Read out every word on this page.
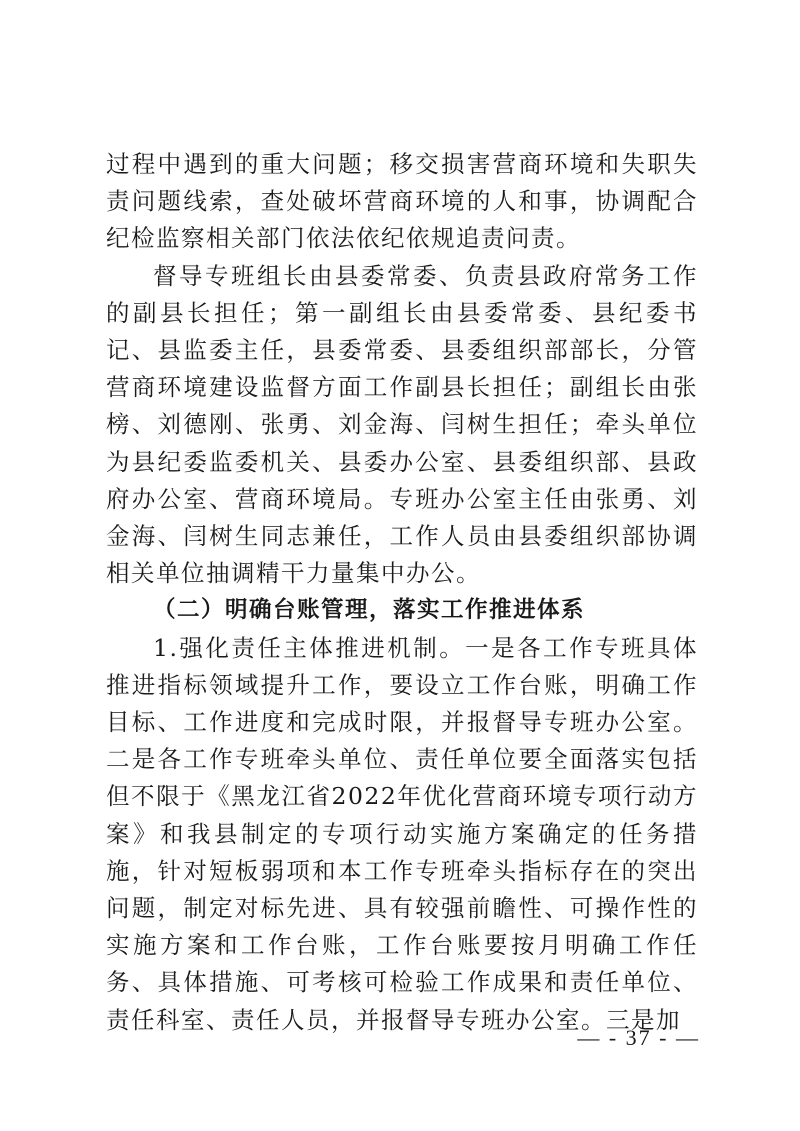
过程中遇到的重大问题；移交损害营商环境和失职失责问题线索，查处破坏营商环境的人和事，协调配合纪检监察相关部门依法依纪依规追责问责。

督导专班组长由县委常委、负责县政府常务工作的副县长担任；第一副组长由县委常委、县纪委书记、县监委主任，县委常委、县委组织部部长，分管营商环境建设监督方面工作副县长担任；副组长由张榜、刘德刚、张勇、刘金海、闫树生担任；牵头单位为县纪委监委机关、县委办公室、县委组织部、县政府办公室、营商环境局。专班办公室主任由张勇、刘金海、闫树生同志兼任，工作人员由县委组织部协调相关单位抽调精干力量集中办公。

（二）明确台账管理，落实工作推进体系

1.强化责任主体推进机制。一是各工作专班具体推进指标领域提升工作，要设立工作台账，明确工作目标、工作进度和完成时限，并报督导专班办公室。二是各工作专班牵头单位、责任单位要全面落实包括但不限于《黑龙江省2022年优化营商环境专项行动方案》和我县制定的专项行动实施方案确定的任务措施，针对短板弱项和本工作专班牵头指标存在的突出问题，制定对标先进、具有较强前瞻性、可操作性的实施方案和工作台账，工作台账要按月明确工作任务、具体措施、可考核可检验工作成果和责任单位、责任科室、责任人员，并报督导专班办公室。三是加

— - 37 - —
